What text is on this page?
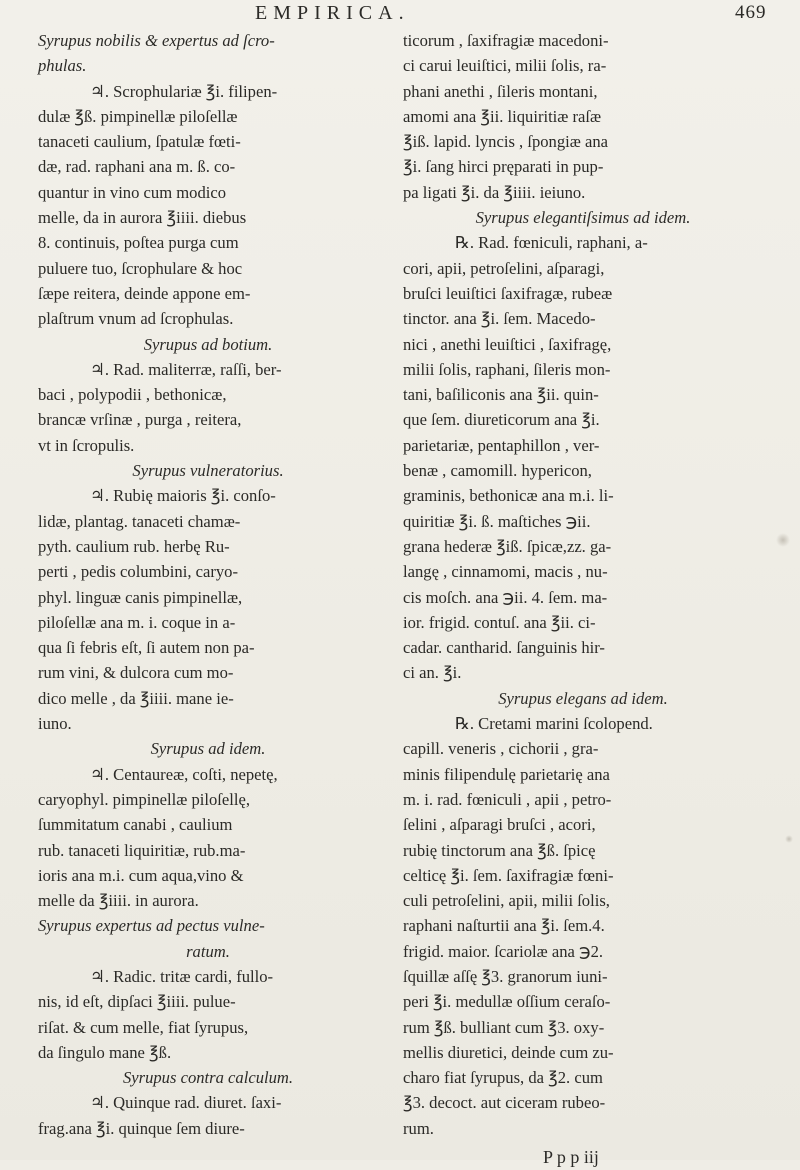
EMPIRICA.	469
Syrupus nobilis & expertus ad ſcro-
phulas.
♃. Scrophulariæ ℥i. filipen-
dulæ ℥ß. pimpinellæ piloſellæ
tanaceti caulium, ſpatulæ fœti-
dæ, rad. raphani ana m. ß. co-
quantur in vino cum modico
melle, da in aurora ℥iiii. diebus
8. continuis, poſtea purga cum
puluere tuo, ſcrophulare & hoc
ſæpe reitera, deinde appone em-
plaſtrum vnum ad ſcrophulas.
Syrupus ad botium.
♃. Rad. maliterræ, raſſi, ber-
baci , polypodii , bethonicæ,
brancæ vrſinæ , purga , reitera,
vt in ſcropulis.
Syrupus vulneratorius.
♃. Rubię maioris ℥i. conſo-
lidæ, plantag. tanaceti chamæ-
pyth. caulium rub. herbę Ru-
perti , pedis columbini, caryo-
phyl. linguæ canis pimpinellæ,
piloſellæ ana m. i. coque in a-
qua ſi febris eſt, ſi autem non pa-
rum vini, & dulcora cum mo-
dico melle , da ℥iiii. mane ie-
iuno.
Syrupus ad idem.
♃. Centaureæ, coſti, nepetę,
caryophyl. pimpinellæ piloſellę,
ſummitatum canabi , caulium
rub. tanaceti liquiritiæ, rub.ma-
ioris ana m.i. cum aqua,vino &
melle da ℥iiii. in aurora.
Syrupus expertus ad pectus vulne-
ratum.
♃. Radic. tritæ cardi, fullo-
nis, id eſt, dipſaci ℥iiii. pulue-
riſat. & cum melle, fiat ſyrupus,
da ſingulo mane ℥ß.
Syrupus contra calculum.
♃. Quinque rad. diuret. ſaxi-
frag.ana ℥i. quinque ſem diure-
ticorum , ſaxifragiæ macedoni-
ci carui leuiſtici, milii ſolis, ra-
phani anethi , ſileris montani,
amomi ana ℥ii. liquiritiæ raſæ
℥iß. lapid. lyncis , ſpongiæ ana
℥i. ſang hirci pręparati in pup-
pa ligati ℥i. da ℥iiii. ieiuno.
Syrupus elegantiſsimus ad idem.
℞. Rad. fœniculi, raphani, a-
cori, apii, petroſelini, aſparagi,
bruſci leuiſtici ſaxifragæ, rubeæ
tinctor. ana ℥i. ſem. Macedo-
nici , anethi leuiſtici , ſaxifragę,
milii ſolis, raphani, ſileris mon-
tani, baſiliconis ana ℥ii. quin-
que ſem. diureticorum ana ℥i.
parietariæ, pentaphillon , ver-
benæ , camomill. hypericon,
graminis, bethonicæ ana m.i. li-
quiritiæ ℥i. ß. maſtiches ℈ii.
grana hederæ ℥iß. ſpicæ,zz. ga-
langę , cinnamomi, macis , nu-
cis moſch. ana ℈ii. 4. ſem. ma-
ior. frigid. contuſ. ana ℥ii. ci-
cadar. cantharid. ſanguinis hir-
ci an. ℥i.
Syrupus elegans ad idem.
℞. Cretami marini ſcolopend.
capill. veneris , cichorii , gra-
minis filipendulę parietarię ana
m. i. rad. fœniculi , apii , petro-
ſelini , aſparagi bruſci , acori,
rubię tinctorum ana ℥ß. ſpicę
celticę ℥i. ſem. ſaxifragiæ fœni-
culi petroſelini, apii, milii ſolis,
raphani naſturtii ana ℥i. ſem.4.
frigid. maior. ſcariolæ ana ℈2.
ſquillæ aſſę ℥3. granorum iuni-
peri ℥i. medullæ oſſium ceraſo-
rum ℥ß. bulliant cum ℥3. oxy-
mellis diuretici, deinde cum zu-
charo fiat ſyrupus, da ℥2. cum
℥3. decoct. aut ciceram rubeo-
rum.
P p p iij
